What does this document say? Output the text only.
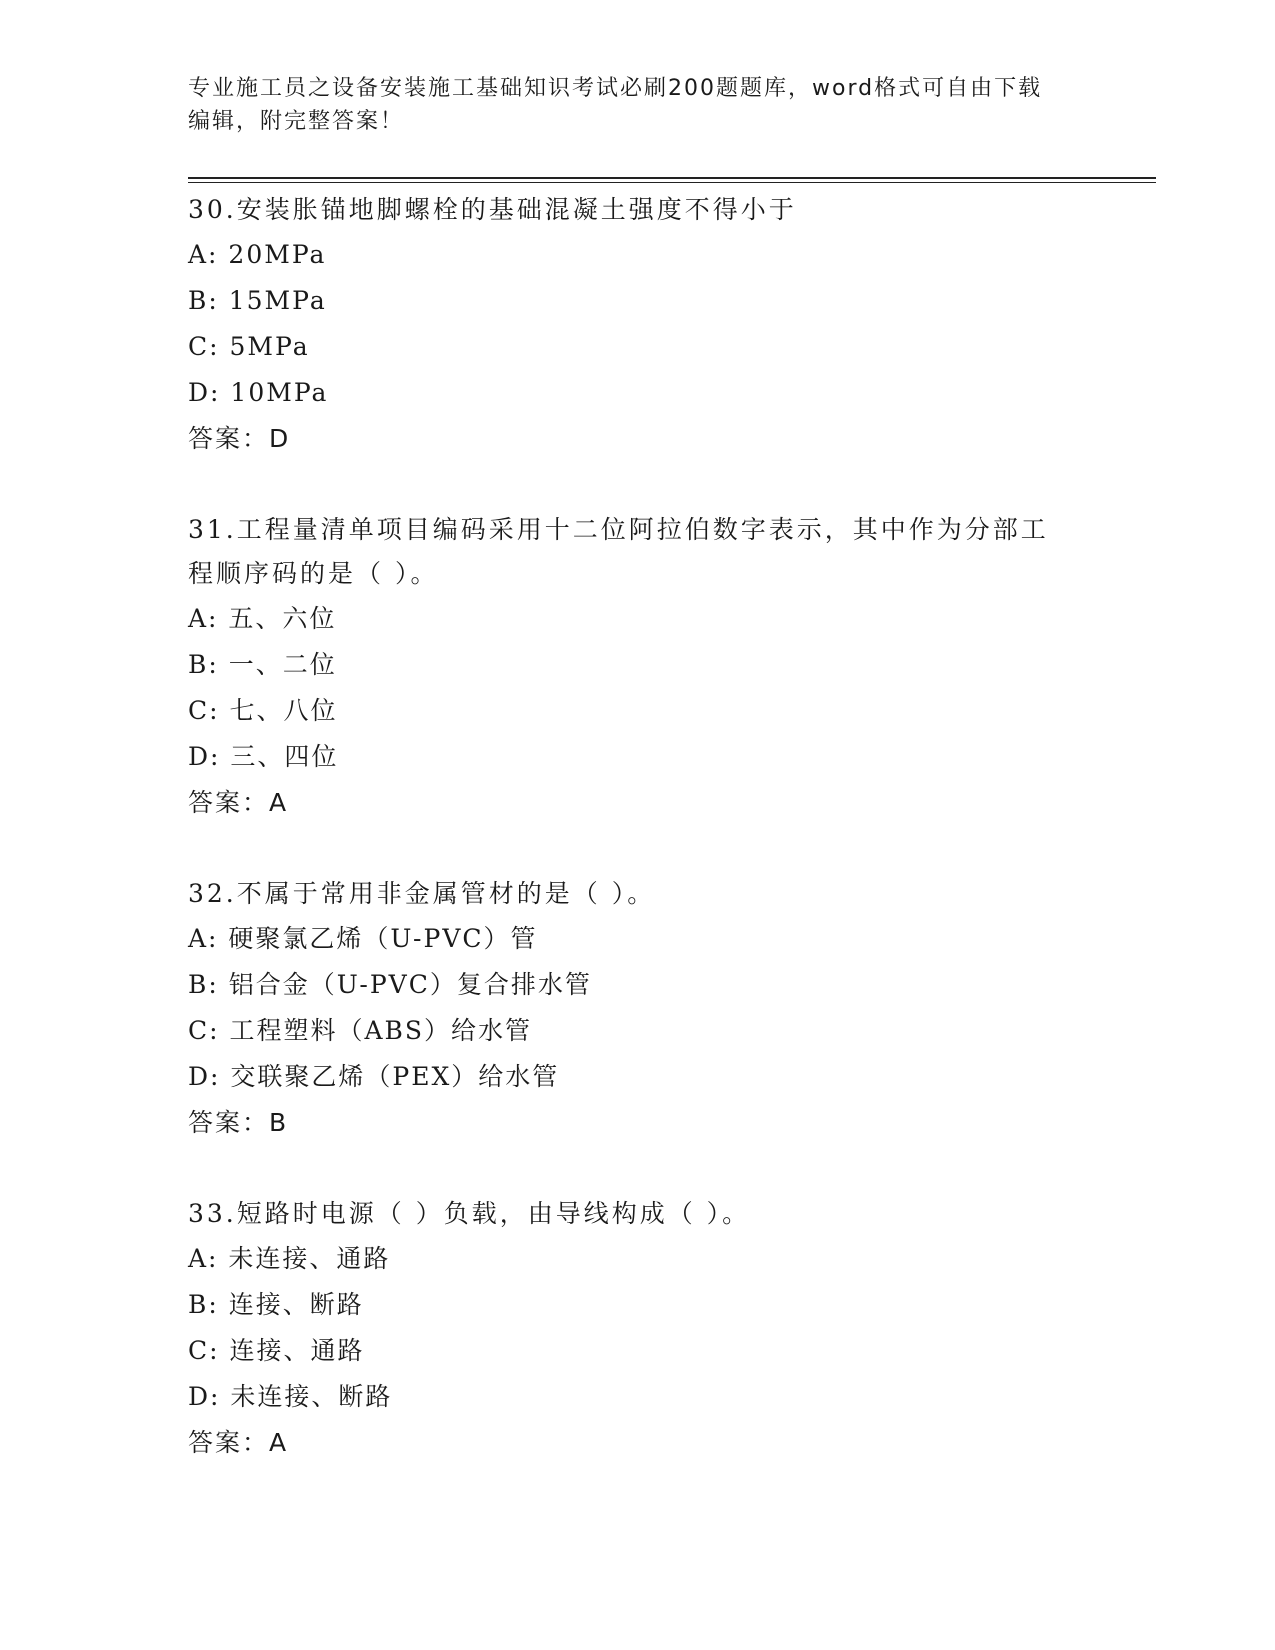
专业施工员之设备安装施工基础知识考试必刷200题题库，word格式可自由下载
编辑，附完整答案！

30.安装胀锚地脚螺栓的基础混凝土强度不得小于

A: 20MPa

B: 15MPa

C: 5MPa

D: 10MPa

答案：D

31.工程量清单项目编码采用十二位阿拉伯数字表示，其中作为分部工

程顺序码的是（ ）。

A: 五、六位

B: 一、二位

C: 七、八位

D: 三、四位

答案：A

32.不属于常用非金属管材的是（ ）。

A: 硬聚氯乙烯（U-PVC）管

B: 铝合金（U-PVC）复合排水管

C: 工程塑料（ABS）给水管

D: 交联聚乙烯（PEX）给水管

答案：B

33.短路时电源（ ）负载，由导线构成（ ）。

A: 未连接、通路

B: 连接、断路

C: 连接、通路

D: 未连接、断路

答案：A
